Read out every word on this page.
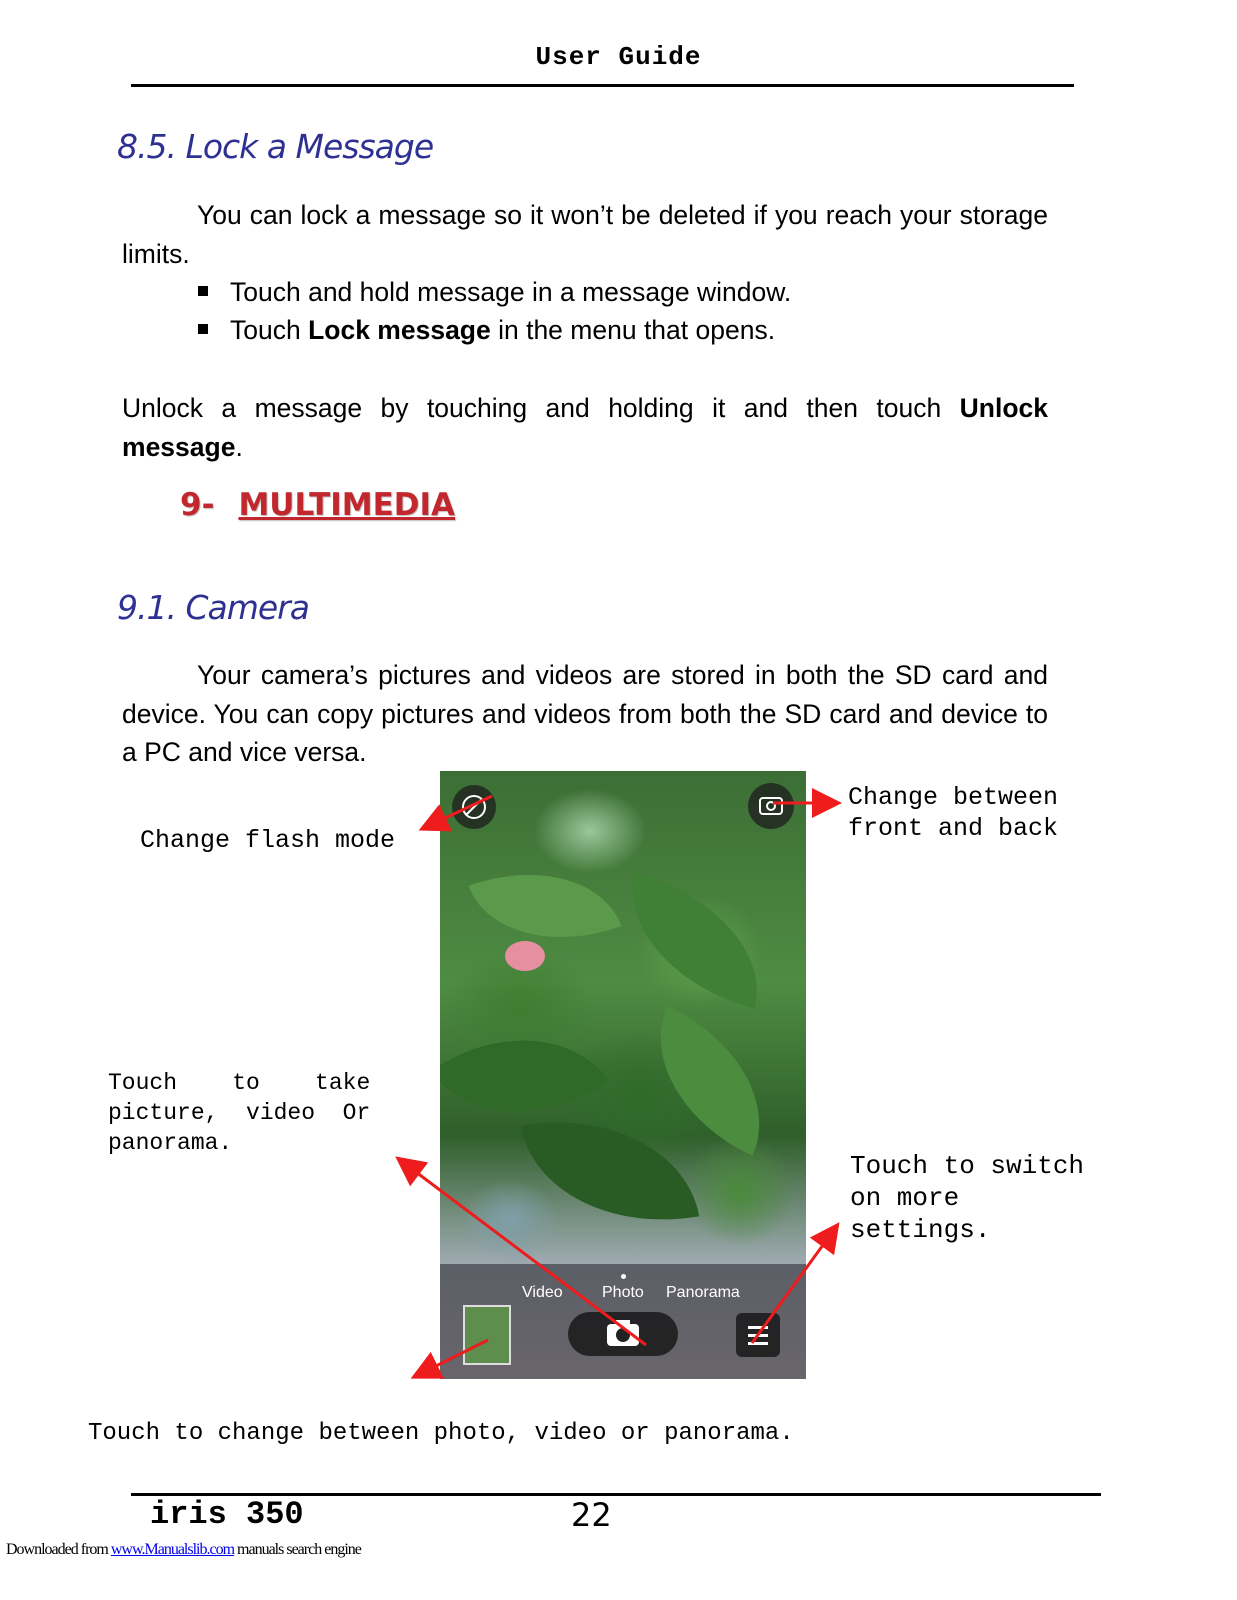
User Guide
8.5. Lock a Message
You can lock a message so it won’t be deleted if you reach your storage limits.
Touch and hold message in a message window.
Touch Lock message in the menu that opens.
Unlock a message by touching and holding it and then touch Unlock message.
9- MULTIMEDIA
9.1. Camera
Your camera’s pictures and videos are stored in both the SD card and device. You can copy pictures and videos from both the SD card and device to a PC and vice versa.
Video Photo Panorama
Change flash mode
Change between
front and back
Touch    to    take
picture,  video  Or
panorama.
Touch to switch
on more
settings.
Touch to change between photo, video or panorama.
iris 350	22
Downloaded from www.Manualslib.com manuals search engine
